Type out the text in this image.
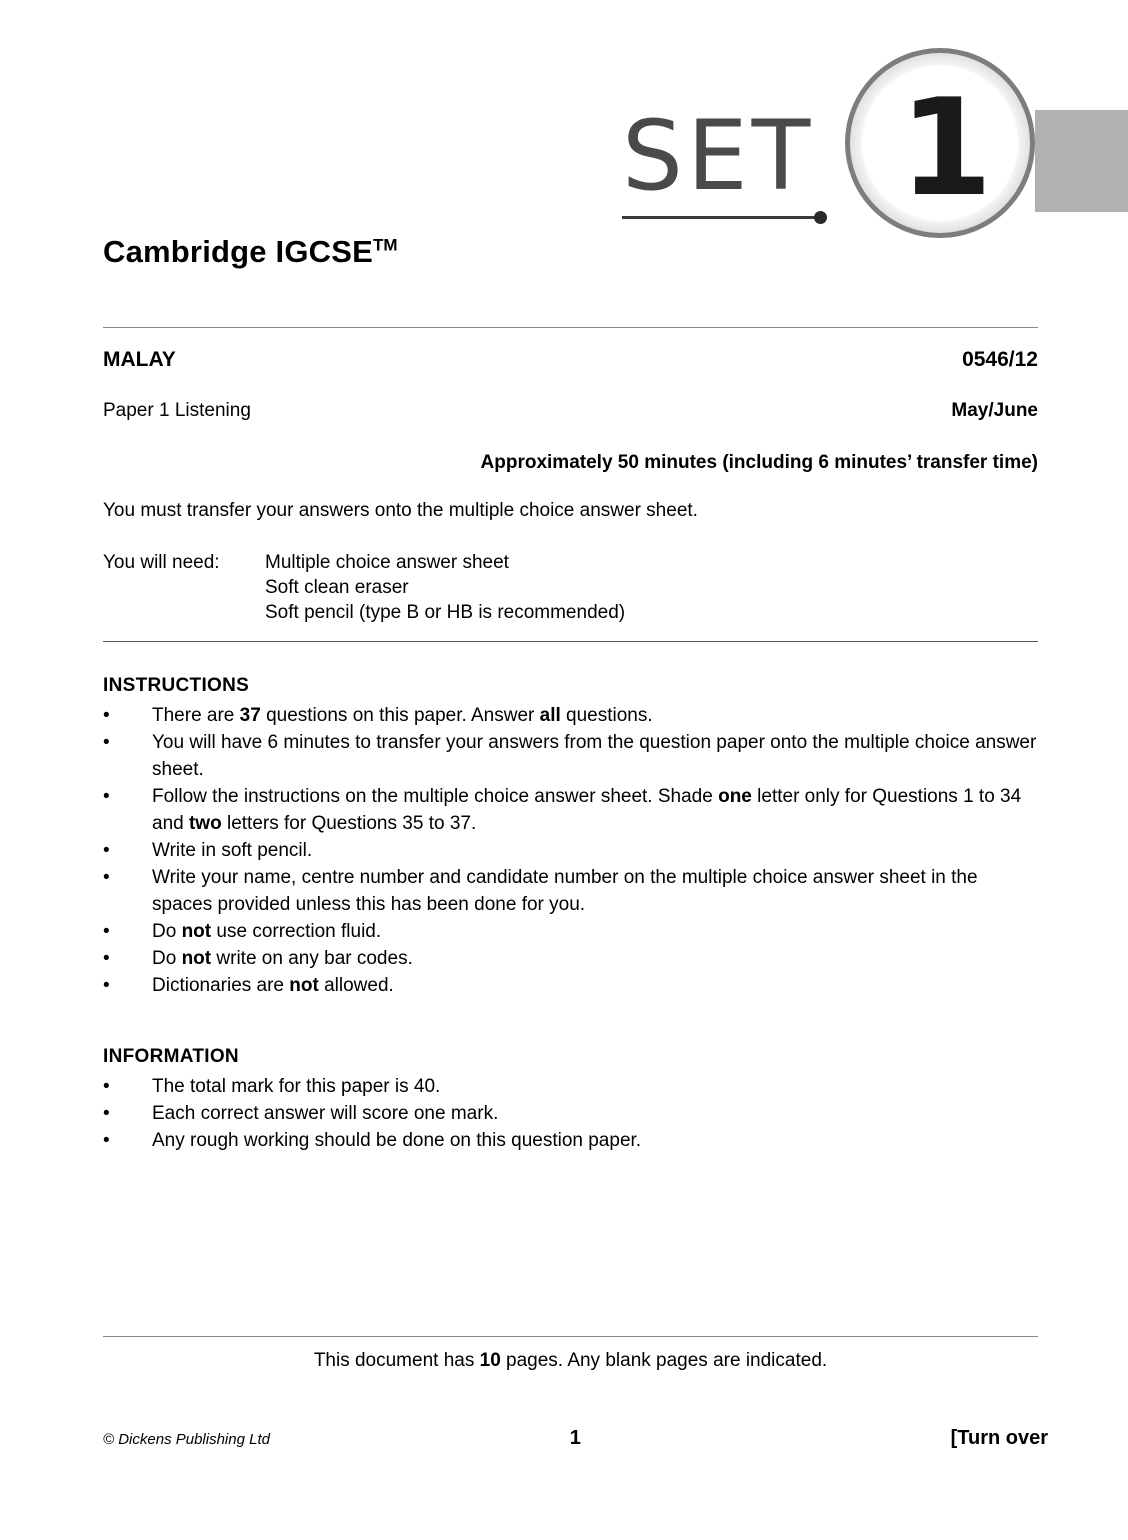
1
SET
Cambridge IGCSE™
MALAY	0546/12
Paper 1 Listening	May/June
Approximately 50 minutes (including 6 minutes’ transfer time)
You must transfer your answers onto the multiple choice answer sheet.
You will need:	Multiple choice answer sheet
Soft clean eraser
Soft pencil (type B or HB is recommended)
INSTRUCTIONS
• There are 37 questions on this paper. Answer all questions.
• You will have 6 minutes to transfer your answers from the question paper onto the multiple choice answer sheet.
• Follow the instructions on the multiple choice answer sheet. Shade one letter only for Questions 1 to 34 and two letters for Questions 35 to 37.
• Write in soft pencil.
• Write your name, centre number and candidate number on the multiple choice answer sheet in the spaces provided unless this has been done for you.
• Do not use correction fluid.
• Do not write on any bar codes.
• Dictionaries are not allowed.
INFORMATION
• The total mark for this paper is 40.
• Each correct answer will score one mark.
• Any rough working should be done on this question paper.
This document has 10 pages. Any blank pages are indicated.
© Dickens Publishing Ltd	1	[Turn over
